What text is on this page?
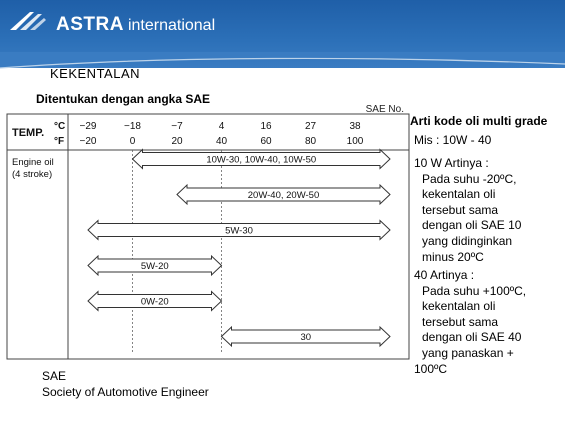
ASTRA international
KEKENTALAN
Ditentukan dengan angka SAE
SAE No.
TEMP.
°C
°F
Engine oil
(4 stroke)
−29	−18	−7	4	16	27	38
−20	0	20	40	60	80	100
10W-30, 10W-40, 10W-50
20W-40, 20W-50
5W-30
5W-20
0W-20
30
Arti kode oli multi grade
Mis : 10W - 40
10 W Artinya :
Pada suhu -20ºC,
kekentalan oli
tersebut sama
dengan oli SAE 10
yang didinginkan
minus 20ºC
40 Artinya :
Pada suhu +100ºC,
kekentalan oli
tersebut sama
dengan oli SAE 40
yang panaskan +
100ºC
SAE
Society of Automotive Engineer
